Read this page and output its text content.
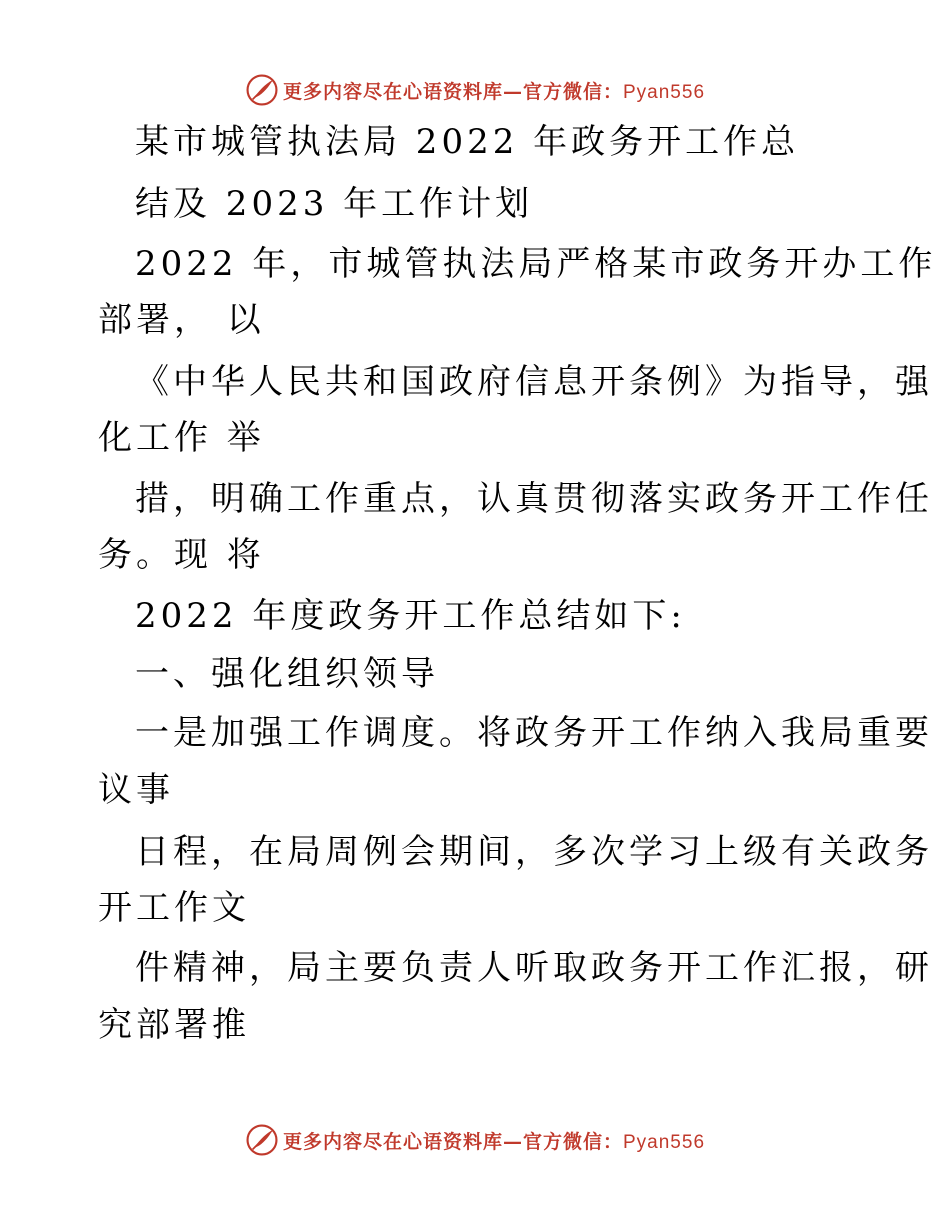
更多内容尽在心语资料库—官方微信：Pyan556
某市城管执法局 2022 年政务开工作总
结及 2023 年工作计划
2022 年，市城管执法局严格某市政务开办工作
部署， 以
《中华人民共和国政府信息开条例》为指导，强
化工作 举
措，明确工作重点，认真贯彻落实政务开工作任
务。现 将
2022 年度政务开工作总结如下:
一、强化组织领导
一是加强工作调度。将政务开工作纳入我局重要
议事
日程，在局周例会期间，多次学习上级有关政务
开工作文
件精神，局主要负责人听取政务开工作汇报，研
究部署推
更多内容尽在心语资料库—官方微信：Pyan556
